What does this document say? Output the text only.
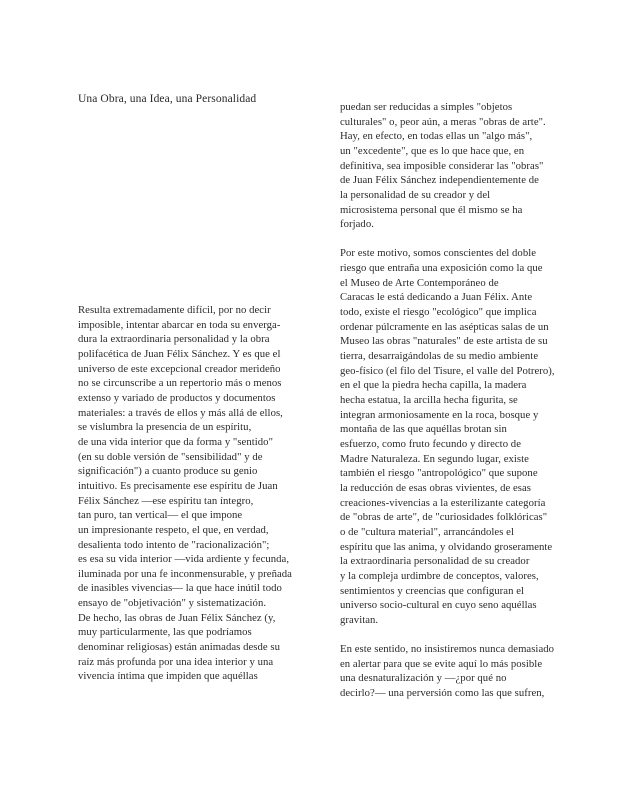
Una Obra, una Idea, una Personalidad

Resulta extremadamente difícil, por no decir
imposible, intentar abarcar en toda su envergа-
dura la extraordinaria personalidad y la obra
polifacética de Juan Félix Sánchez. Y es que el
universo de este excepcional creador merideño
no se circunscribe a un repertorio más o menos
extenso y variado de productos y documentos
materiales: a través de ellos y más allá de ellos,
se vislumbra la presencia de un espíritu,
de una vida interior que da forma y "sentido"
(en su doble versión de "sensibilidad" y de
significación") a cuanto produce su genio
intuitivo. Es precisamente ese espíritu de Juan
Félix Sánchez —ese espíritu tan íntegro,
tan puro, tan vertical— el que impone
un impresionante respeto, el que, en verdad,
desalienta todo intento de "racionalización";
es esa su vida interior —vida ardiente y fecunda,
iluminada por una fe inconmensurable, y preñada
de inasibles vivencias— la que hace inútil todo
ensayo de "objetivación" y sistematización.
De hecho, las obras de Juan Félix Sánchez (y,
muy particularmente, las que podríamos
denominar religiosas) están animadas desde su
raíz más profunda por una idea interior y una
vivencia íntima que impiden que aquéllas

puedan ser reducidas a simples "objetos
culturales" o, peor aún, a meras "obras de arte".
Hay, en efecto, en todas ellas un "algo más",
un "excedente", que es lo que hace que, en
definitiva, sea imposible considerar las "obras"
de Juan Félix Sánchez independientemente de
la personalidad de su creador y del
microsistema personal que él mismo se ha
forjado.

Por este motivo, somos conscientes del doble
riesgo que entraña una exposición como la que
el Museo de Arte Contemporáneo de
Caracas le está dedicando a Juan Félix. Ante
todo, existe el riesgo "ecológico" que implica
ordenar púlcramente en las asépticas salas de un
Museo las obras "naturales" de este artista de su
tierra, desarraigándolas de su medio ambiente
geo-físico (el filo del Tisure, el valle del Potrero),
en el que la piedra hecha capilla, la madera
hecha estatua, la arcilla hecha figurita, se
integran armoniosamente en la roca, bosque y
montaña de las que aquéllas brotan sin
esfuerzo, como fruto fecundo y directo de
Madre Naturaleza. En segundo lugar, existe
también el riesgo "antropológico" que supone
la reducción de esas obras vivientes, de esas
creaciones-vivencias a la esterilizante categoría
de "obras de arte", de "curiosidades folklóricas"
o de "cultura material", arrancándoles el
espíritu que las anima, y olvidando groseramente
la extraordinaria personalidad de su creador
y la compleja urdimbre de conceptos, valores,
sentimientos y creencias que configuran el
universo socio-cultural en cuyo seno aquéllas
gravitan.

En este sentido, no insistiremos nunca demasiado
en alertar para que se evite aquí lo más posible
una desnaturalización y —¿por qué no
decirlo?— una perversión como las que sufren,
